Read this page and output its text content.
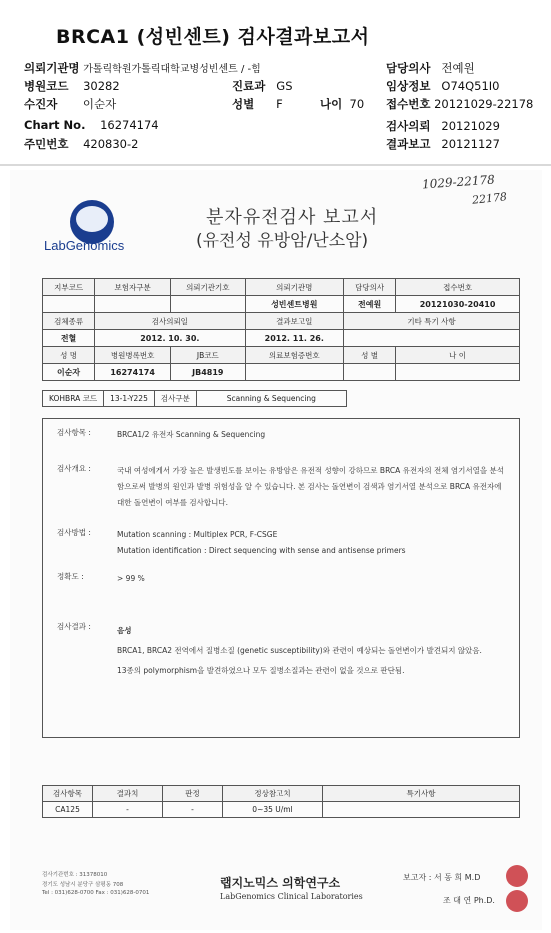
BRCA1 (성빈센트) 검사결과보고서
의뢰기관명 가톨릭학원가톨릭대학교병성빈센트 / -힘
병원코드 30282	진료과 GS
수진자 이순자	성별 F	나이 70
Chart No. 16274174
주민번호 420830-2
담당의사 전예원
임상정보 O74Q51I0
접수번호 20121029-22178
검사의뢰 20121029
결과보고 20121127
1029-22178
22178
LabGenomics
분자유전검사 보고서
(유전성 유방암/난소암)
지부코드	보험자구분	의뢰기관기호	의뢰기관명	담당의사	접수번호
			성빈센트병원	전예원	20121030-20410
검체종류	검사의뢰일		결과보고일	기타 특기 사항	
전혈	2012. 10. 30.		2012. 11. 26.		
성 명	병원병록번호	JB코드	의료보험증번호	성 별	나 이
이순자	16274174	JB4819			
KOHBRA 코드	13-1-Y225	검사구분	Scanning & Sequencing
검사항목 :	BRCA1/2 유전자 Scanning & Sequencing
검사개요 :	국내 여성에게서 가장 높은 발생빈도를 보이는 유방암은 유전적 성향이 강하므로 BRCA 유전자의 전체 염기서열을 분석함으로써 발병의 원인과 발병 위험성을 알 수 있습니다. 본 검사는 돌연변이 검색과 염기서열 분석으로 BRCA 유전자에 대한 돌연변이 여부를 검사합니다.
검사방법 :	Mutation scanning : Multiplex PCR, F-CSGE
Mutation identification : Direct sequencing with sense and antisense primers
정확도 :	> 99 %
검사결과 :	음성
BRCA1, BRCA2 전역에서 질병소질 (genetic susceptibility)와 관련이 예상되는 돌연변이가 발견되지 않았음.
13종의 polymorphism을 발견하였으나 모두 질병소질과는 관련이 없을 것으로 판단됨.
검사항목	결과치	판정	정상참고치	특기사항
CA125	-	-	0~35 U/ml	
검사기관번호 : 31378010
경기도 성남시 분당구 삼평동 708
Tel : 031)628-0700 Fax : 031)628-0701
랩지노믹스 의학연구소
LabGenomics Clinical Laboratories
보고자 : 서 동 희 M.D
조 대 연 Ph.D.
